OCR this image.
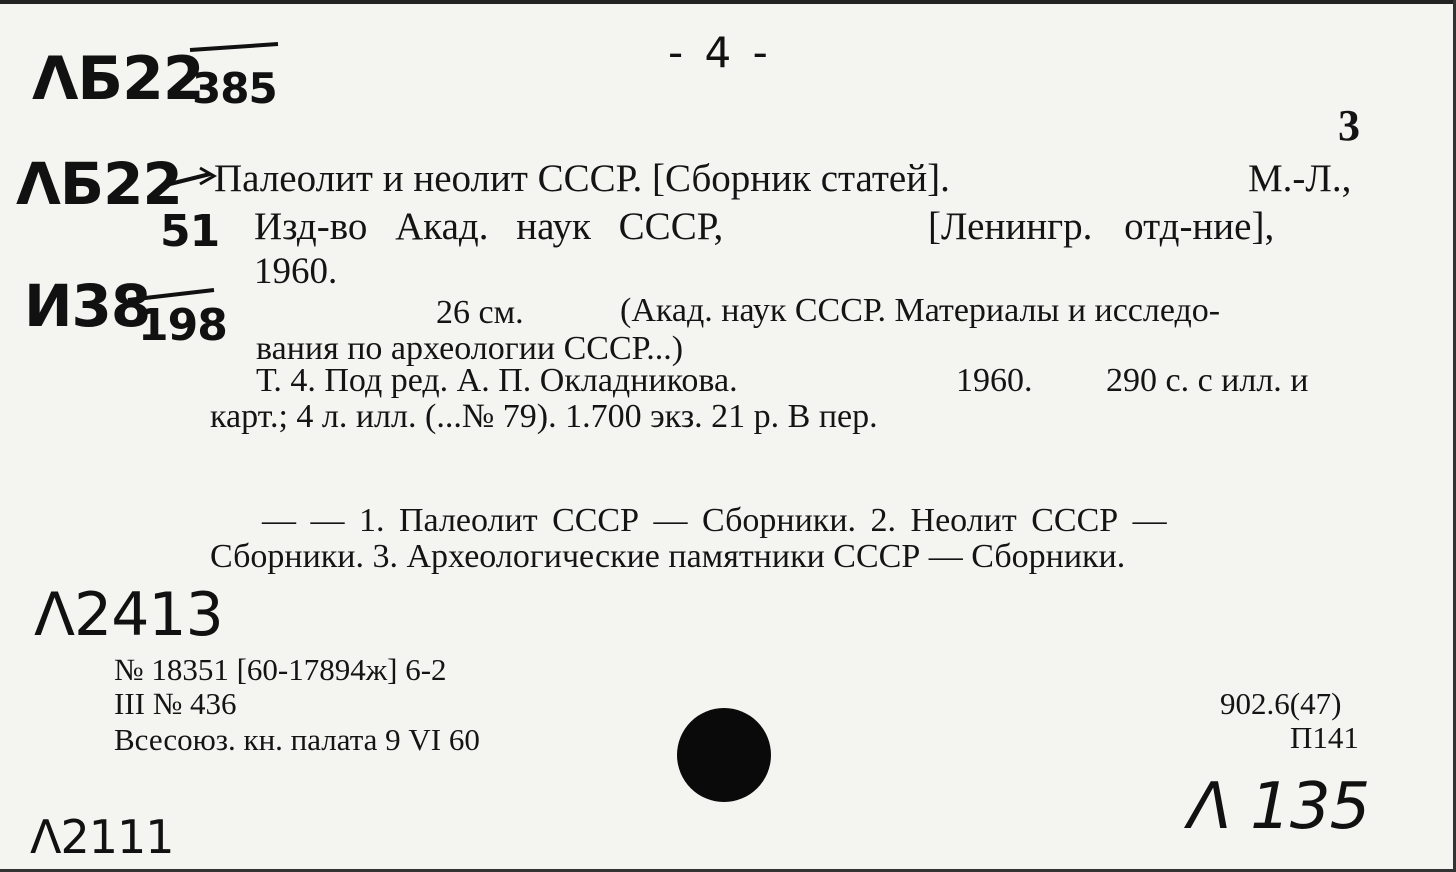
- 4 -
3
ΛБ22
385
ΛБ22
51
И38
198
Λ2413
Λ2111	Λ 135
Палеолит и неолит СССР. [Сборник статей].	М.-Л.,
Изд-во Акад. наук СССР,	[Ленингр. отд-ние],
1960.
26 см.	(Акад. наук СССР. Материалы и исследо-
вания по археологии СССР...)
Т. 4. Под ред. А. П. Окладникова.	1960. 290 с. с илл. и
карт.; 4 л. илл. (...№ 79). 1.700 экз. 21 р. В пер.
— — 1. Палеолит СССР — Сборники. 2. Неолит СССР —
Сборники. 3. Археологические памятники СССР — Сборники.
№ 18351 [60-17894ж] 6-2
III № 436
Всесоюз. кн. палата 9 VI 60
902.6(47)
П141
